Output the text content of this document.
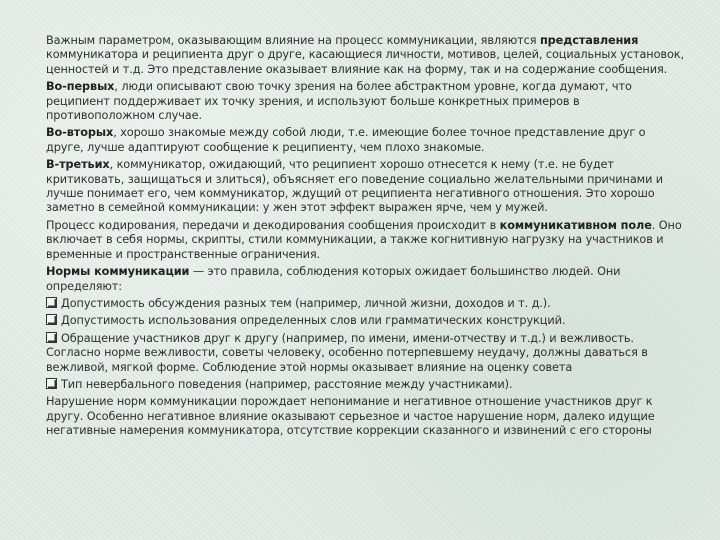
Важным параметром, оказывающим влияние на процесс коммуникации, являются представления коммуникатора и реципиента друг о друге, касающиеся личности, мотивов, целей, социальных установок, ценностей и т.д. Это представление оказывает влияние как на форму, так и на содержание сообщения.

Во-первых, люди описывают свою точку зрения на более абстрактном уровне, когда думают, что реципиент поддерживает их точку зрения, и используют больше конкретных примеров в противоположном случае.

Во-вторых, хорошо знакомые между собой люди, т.е. имеющие более точное представление друг о друге, лучше адаптируют сообщение к реципиенту, чем плохо знакомые.

В-третьих, коммуникатор, ожидающий, что реципиент хорошо отнесется к нему (т.е. не будет критиковать, защищаться и злиться), объясняет его поведение социально желательными причинами и лучше понимает его, чем коммуникатор, ждущий от реципиента негативного отношения. Это хорошо заметно в семейной коммуникации: у жен этот эффект выражен ярче, чем у мужей.

Процесс кодирования, передачи и декодирования сообщения происходит в коммуникативном поле. Оно включает в себя нормы, скрипты, стили коммуникации, а также когнитивную нагрузку на участников и временные и пространственные ограничения.

Нормы коммуникации — это правила, соблюдения которых ожидает большинство людей. Они определяют:

Допустимость обсуждения разных тем (например, личной жизни, доходов и т. д.).

Допустимость использования определенных слов или грамматических конструкций.

Обращение участников друг к другу (например, по имени, имени-отчеству и т.д.) и вежливость. Согласно норме вежливости, советы человеку, особенно потерпевшему неудачу, должны даваться в вежливой, мягкой форме. Соблюдение этой нормы оказывает влияние на оценку совета

Тип невербального поведения (например, расстояние между участниками).

Нарушение норм коммуникации порождает непонимание и негативное отношение участников друг к другу. Особенно негативное влияние оказывают серьезное и частое нарушение норм, далеко идущие негативные намерения коммуникатора, отсутствие коррекции сказанного и извинений с его стороны
